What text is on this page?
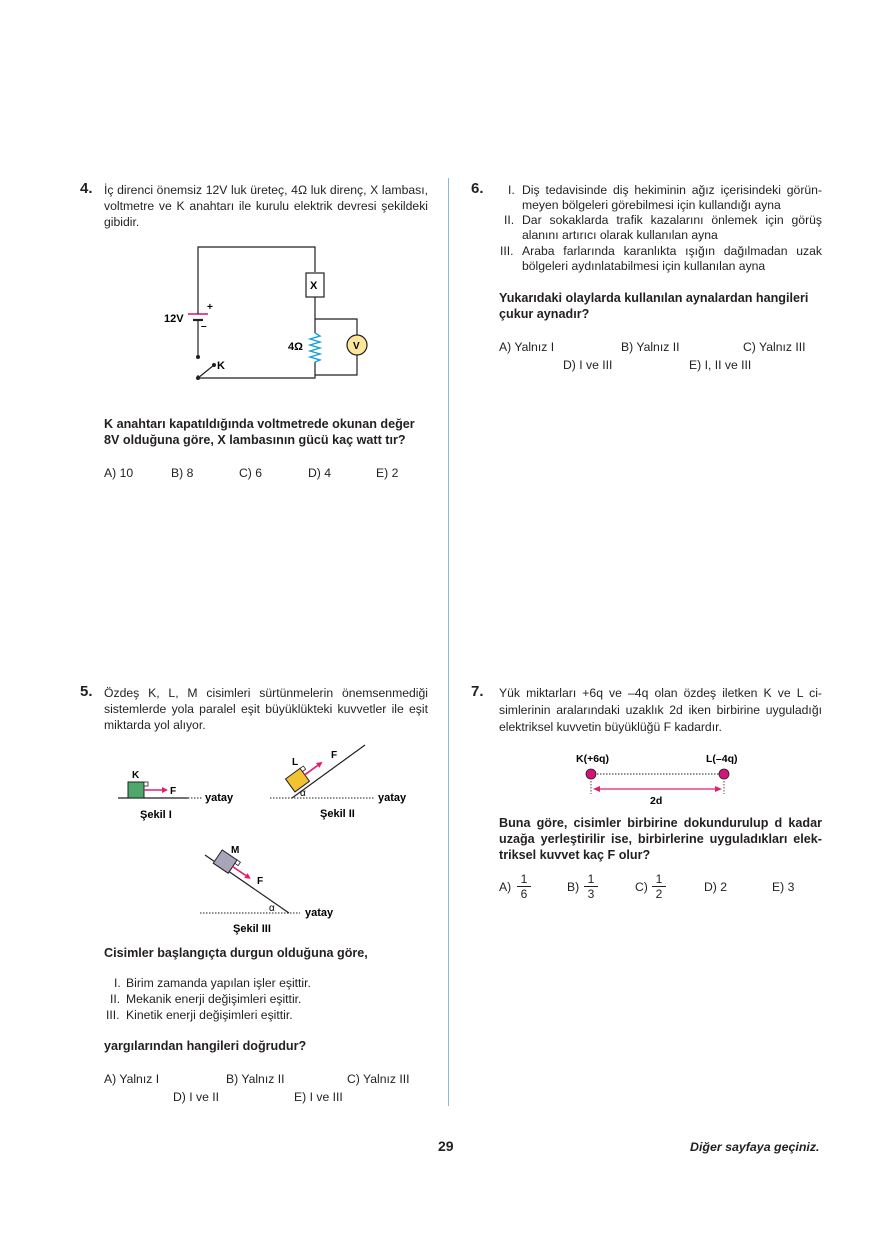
4. İç direnci önemsiz 12V luk üreteç, 4Ω luk direnç, X lambası,
voltmetre ve K anahtarı ile kurulu elektrik devresi şekildeki
gibidir.
+
–
12V
X
4Ω	V
K
K anahtarı kapatıldığında voltmetrede okunan değer
8V olduğuna göre, X lambasının gücü kaç watt tır?
A) 10	B) 8	C) 6	D) 4	E) 2
5. Özdeş K, L, M cisimleri sürtünmelerin önemsenmediği
sistemlerde yola paralel eşit büyüklükteki kuvvetler ile eşit
miktarda yol alıyor.
K
F
yatay
Şekil I
L
F
α	yatay
Şekil II
M
F
α	yatay
Şekil III
Cisimler başlangıçta durgun olduğuna göre,
I. Birim zamanda yapılan işler eşittir.
II. Mekanik enerji değişimleri eşittir.
III. Kinetik enerji değişimleri eşittir.
yargılarından hangileri doğrudur?
A) Yalnız I	B) Yalnız II	C) Yalnız III
D) I ve II	E) I ve III
6. I. Diş tedavisinde diş hekiminin ağız içerisindeki görün-
meyen bölgeleri görebilmesi için kullandığı ayna
II. Dar sokaklarda trafik kazalarını önlemek için görüş
alanını artırıcı olarak kullanılan ayna
III. Araba farlarında karanlıkta ışığın dağılmadan uzak
bölgeleri aydınlatabilmesi için kullanılan ayna
Yukarıdaki olaylarda kullanılan aynalardan hangileri
çukur aynadır?
A) Yalnız I	B) Yalnız II	C) Yalnız III
D) I ve III	E) I, II ve III
7. Yük miktarları +6q ve –4q olan özdeş iletken K ve L ci-
simlerinin aralarındaki uzaklık 2d iken birbirine uyguladığı
elektriksel kuvvetin büyüklüğü F kadardır.
K(+6q)	L(–4q)
2d
Buna göre, cisimler birbirine dokundurulup d kadar
uzağa yerleştirilir ise, birbirlerine uyguladıkları elek-
triksel kuvvet kaç F olur?
$A) \frac{1}{6}$	$B) \frac{1}{3}$	$C) \frac{1}{2}$	D) 2	E) 3
29	Diğer sayfaya geçiniz.
